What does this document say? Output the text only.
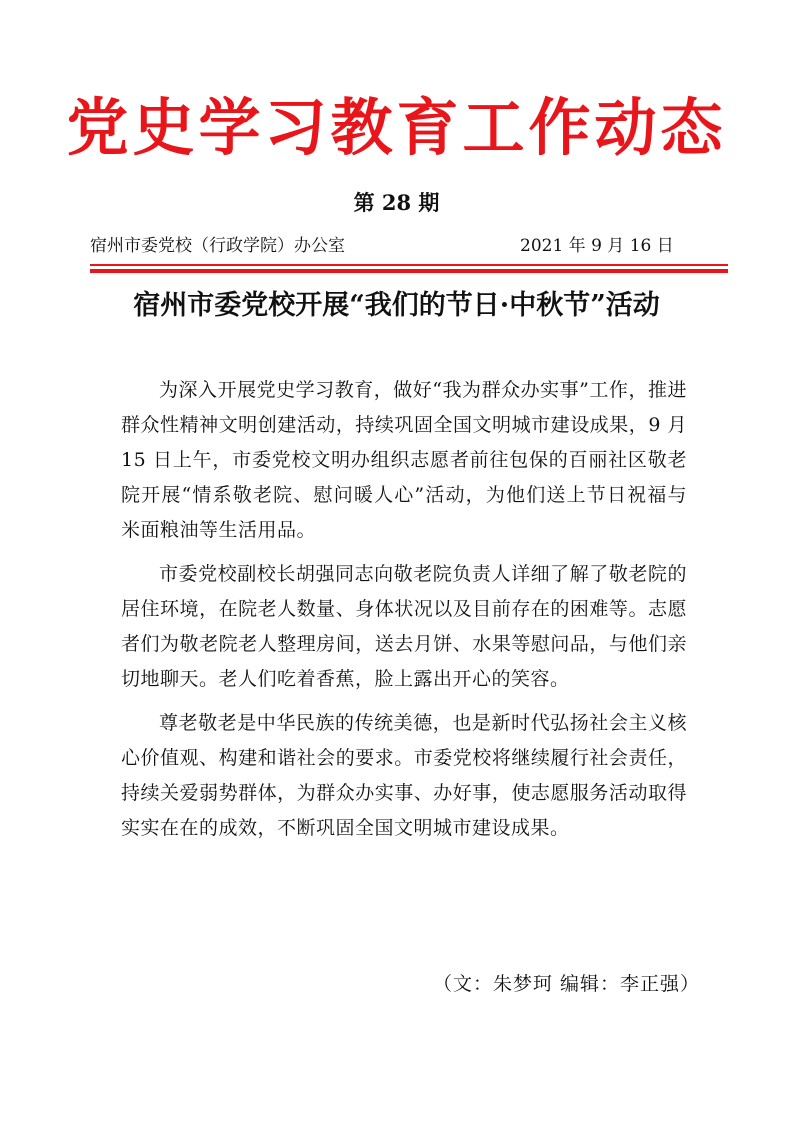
党史学习教育工作动态
第 28 期
宿州市委党校（行政学院）办公室	2021 年 9 月 16 日
宿州市委党校开展“我们的节日·中秋节”活动

为深入开展党史学习教育，做好“我为群众办实事”工作，推进群众性精神文明创建活动，持续巩固全国文明城市建设成果，9 月 15 日上午，市委党校文明办组织志愿者前往包保的百丽社区敬老院开展“情系敬老院、慰问暖人心”活动，为他们送上节日祝福与米面粮油等生活用品。

市委党校副校长胡强同志向敬老院负责人详细了解了敬老院的居住环境，在院老人数量、身体状况以及目前存在的困难等。志愿者们为敬老院老人整理房间，送去月饼、水果等慰问品，与他们亲切地聊天。老人们吃着香蕉，脸上露出开心的笑容。

尊老敬老是中华民族的传统美德，也是新时代弘扬社会主义核心价值观、构建和谐社会的要求。市委党校将继续履行社会责任，持续关爱弱势群体，为群众办实事、办好事，使志愿服务活动取得实实在在的成效，不断巩固全国文明城市建设成果。

（文：朱梦珂 编辑：李正强）
